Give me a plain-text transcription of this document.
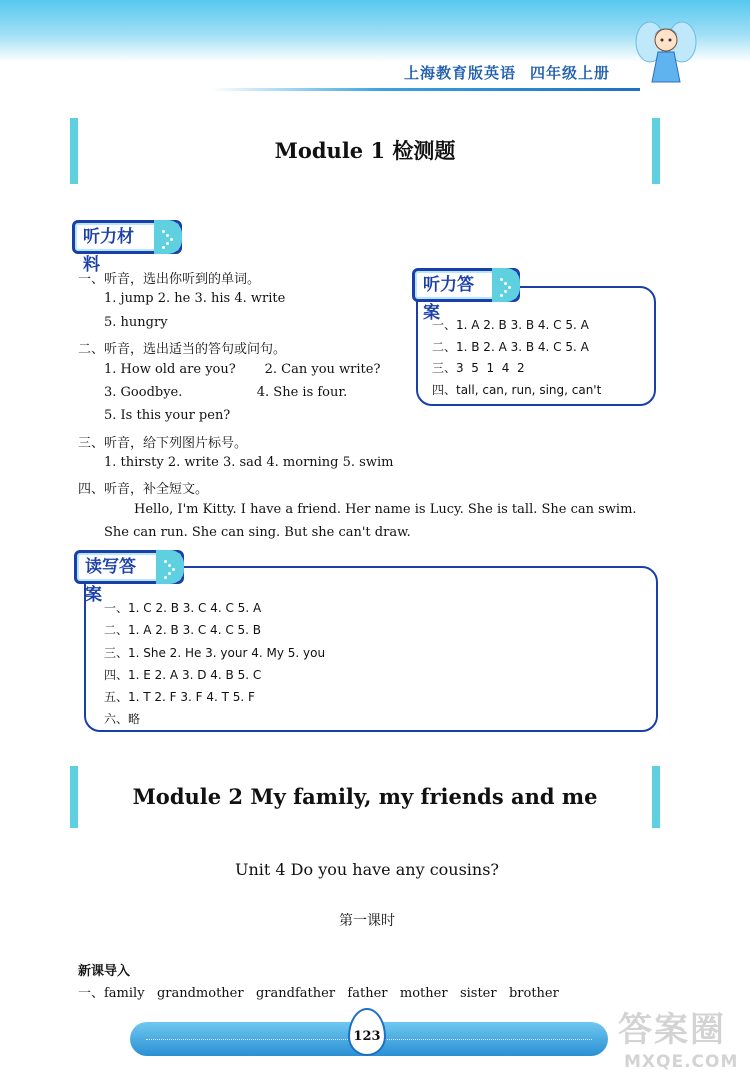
上海教育版英语 四年级上册
Module 1 检测题
听力材料
一、听音，选出你听到的单词。
1. jump 2. he 3. his 4. write
5. hungry
二、听音，选出适当的答句或问句。
1. How old are you?       2. Can you write?
3. Goodbye.                  4. She is four.
5. Is this your pen?
三、听音，给下列图片标号。
1. thirsty 2. write 3. sad 4. morning 5. swim
四、听音，补全短文。
Hello, I'm Kitty. I have a friend. Her name is Lucy. She is tall. She can swim.
She can run. She can sing. But she can't draw.
听力答案
一、1. A 2. B 3. B 4. C 5. A
二、1. B 2. A 3. B 4. C 5. A
三、3  5  1  4  2
四、tall, can, run, sing, can't
读写答案
一、1. C 2. B 3. C 4. C 5. A
二、1. A 2. B 3. C 4. C 5. B
三、1. She 2. He 3. your 4. My 5. you
四、1. E 2. A 3. D 4. B 5. C
五、1. T 2. F 3. F 4. T 5. F
六、略
Module 2 My family, my friends and me
Unit 4 Do you have any cousins?
第一课时
新课导入
一、family   grandmother   grandfather   father   mother   sister   brother
123	答案圈
MXQE.COM
